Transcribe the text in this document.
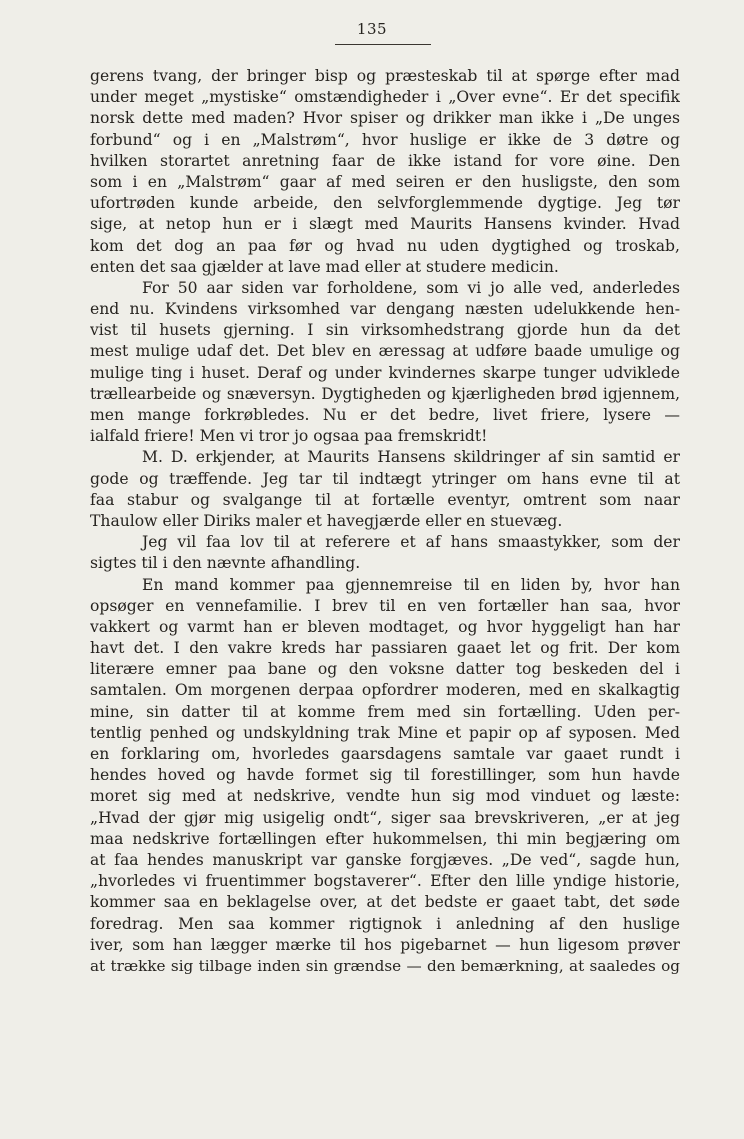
135
gerens tvang, der bringer bisp og præsteskab til at spørge efter mad
under meget „mystiske“ omstændigheder i „Over evne“. Er det specifik
norsk dette med maden? Hvor spiser og drikker man ikke i „De unges
forbund“ og i en „Malstrøm“, hvor huslige er ikke de 3 døtre og
hvilken storartet anretning faar de ikke istand for vore øine. Den
som i en „Malstrøm“ gaar af med seiren er den husligste, den som
ufortrøden kunde arbeide, den selvforglemmende dygtige. Jeg tør
sige, at netop hun er i slægt med Maurits Hansens kvinder. Hvad
kom det dog an paa før og hvad nu uden dygtighed og troskab,
enten det saa gjælder at lave mad eller at studere medicin.
For 50 aar siden var forholdene, som vi jo alle ved, anderledes
end nu. Kvindens virksomhed var dengang næsten udelukkende hen-
vist til husets gjerning. I sin virksomhedstrang gjorde hun da det
mest mulige udaf det. Det blev en æressag at udføre baade umulige og
mulige ting i huset. Deraf og under kvindernes skarpe tunger udviklede
trællearbeide og snæversyn. Dygtigheden og kjærligheden brød igjennem,
men mange forkrøbledes. Nu er det bedre, livet friere, lysere —
ialfald friere! Men vi tror jo ogsaa paa fremskridt!
M. D. erkjender, at Maurits Hansens skildringer af sin samtid er
gode og træffende. Jeg tar til indtægt ytringer om hans evne til at
faa stabur og svalgange til at fortælle eventyr, omtrent som naar
Thaulow eller Diriks maler et havegjærde eller en stuevæg.
Jeg vil faa lov til at referere et af hans smaastykker, som der
sigtes til i den nævnte afhandling.
En mand kommer paa gjennemreise til en liden by, hvor han
opsøger en vennefamilie. I brev til en ven fortæller han saa, hvor
vakkert og varmt han er bleven modtaget, og hvor hyggeligt han har
havt det. I den vakre kreds har passiaren gaaet let og frit. Der kom
literære emner paa bane og den voksne datter tog beskeden del i
samtalen. Om morgenen derpaa opfordrer moderen, med en skalkagtig
mine, sin datter til at komme frem med sin fortælling. Uden per-
tentlig penhed og undskyldning trak Mine et papir op af syposen. Med
en forklaring om, hvorledes gaarsdagens samtale var gaaet rundt i
hendes hoved og havde formet sig til forestillinger, som hun havde
moret sig med at nedskrive, vendte hun sig mod vinduet og læste:
„Hvad der gjør mig usigelig ondt“, siger saa brevskriveren, „er at jeg
maa nedskrive fortællingen efter hukommelsen, thi min begjæring om
at faa hendes manuskript var ganske forgjæves. „De ved“, sagde hun,
„hvorledes vi fruentimmer bogstaverer“. Efter den lille yndige historie,
kommer saa en beklagelse over, at det bedste er gaaet tabt, det søde
foredrag. Men saa kommer rigtignok i anledning af den huslige
iver, som han lægger mærke til hos pigebarnet — hun ligesom prøver
at trække sig tilbage inden sin grændse — den bemærkning, at saaledes og
